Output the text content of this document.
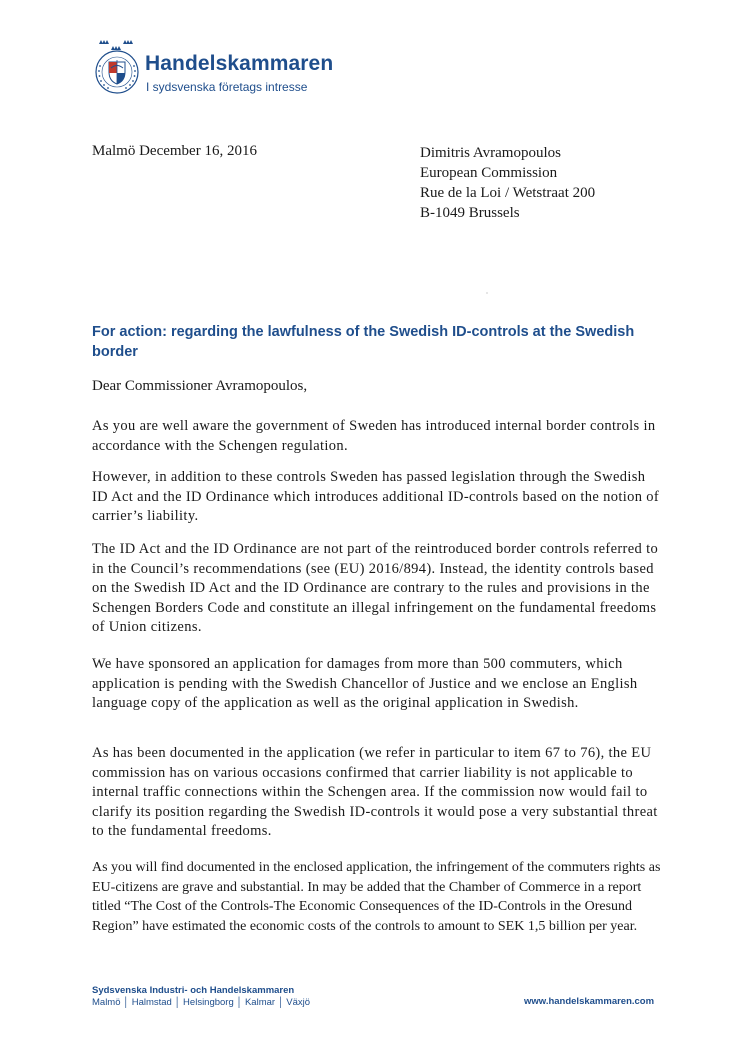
Handelskammaren
I sydsvenska företags intresse
Malmö December 16, 2016	Dimitris Avramopoulos
European Commission
Rue de la Loi / Wetstraat 200
B-1049 Brussels
For action: regarding the lawfulness of the Swedish ID-controls at the Swedish border
Dear Commissioner Avramopoulos,
As you are well aware the government of Sweden has introduced internal border controls in accordance with the Schengen regulation.
However, in addition to these controls Sweden has passed legislation through the Swedish ID Act and the ID Ordinance which introduces additional ID-controls based on the notion of carrier’s liability.
The ID Act and the ID Ordinance are not part of the reintroduced border controls referred to in the Council’s recommendations (see (EU) 2016/894). Instead, the identity controls based on the Swedish ID Act and the ID Ordinance are contrary to the rules and provisions in the Schengen Borders Code and constitute an illegal infringement on the fundamental freedoms of Union citizens.
We have sponsored an application for damages from more than 500 commuters, which application is pending with the Swedish Chancellor of Justice and we enclose an English language copy of the application as well as the original application in Swedish.
As has been documented in the application (we refer in particular to item 67 to 76), the EU commission has on various occasions confirmed that carrier liability is not applicable to internal traffic connections within the Schengen area. If the commission now would fail to clarify its position regarding the Swedish ID-controls it would pose a very substantial threat to the fundamental freedoms.
As you will find documented in the enclosed application, the infringement of the commuters rights as EU-citizens are grave and substantial. In may be added that the Chamber of Commerce in a report titled “The Cost of the Controls-The Economic Consequences of the ID-Controls in the Oresund Region” have estimated the economic costs of the controls to amount to SEK 1,5 billion per year.
Sydsvenska Industri- och Handelskammaren
Malmö │ Halmstad │ Helsingborg │ Kalmar │ Växjö	www.handelskammaren.com
